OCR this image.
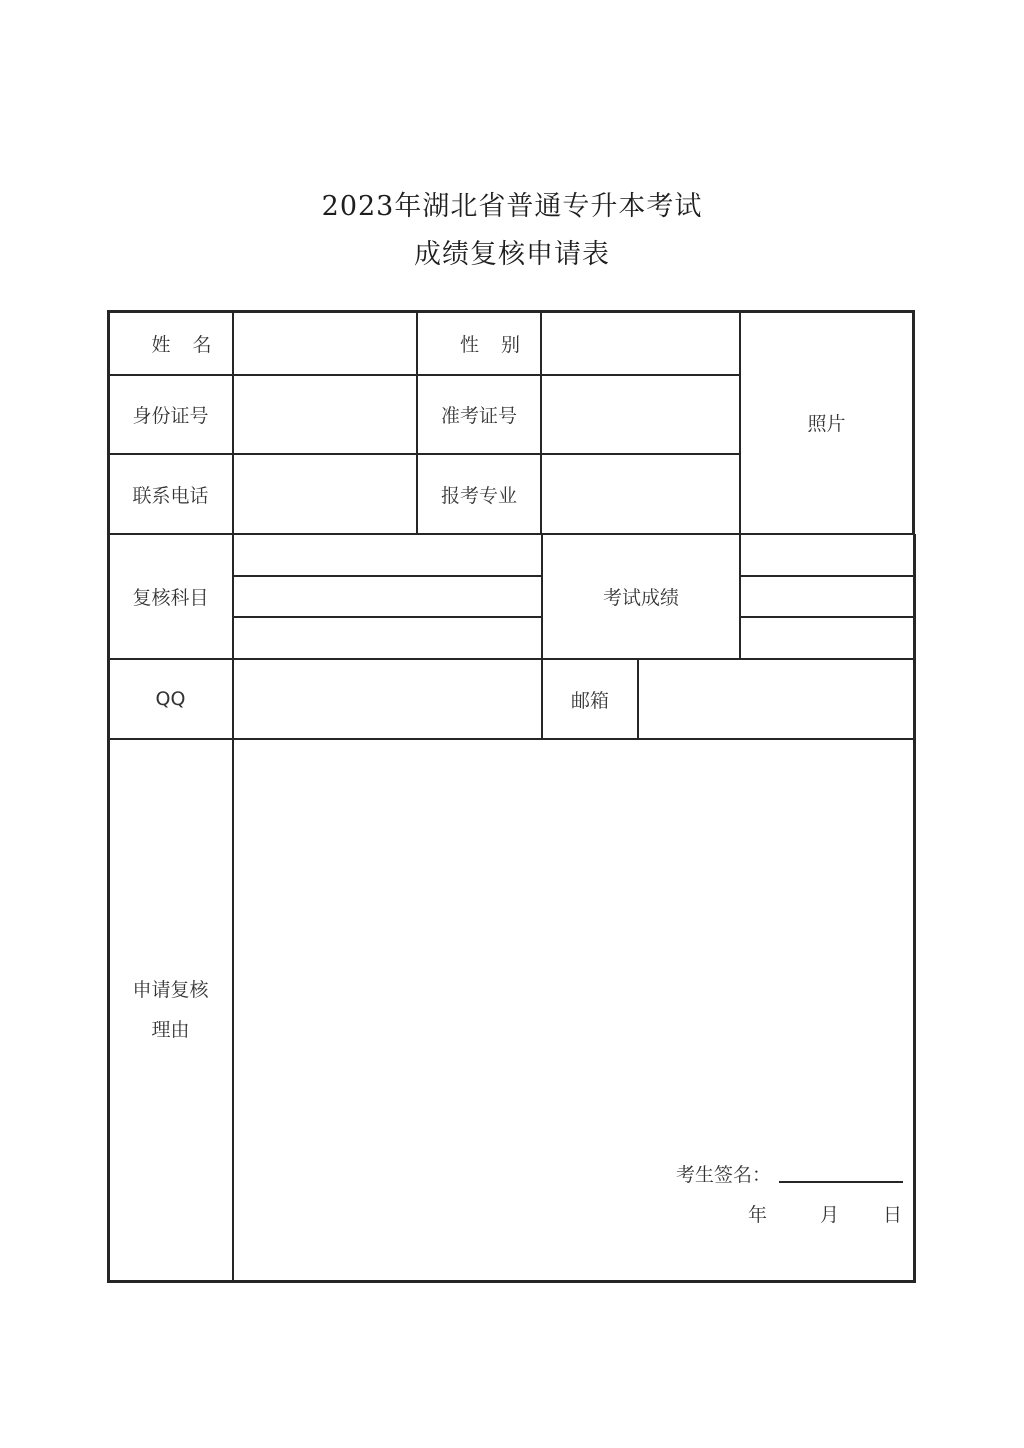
2023年湖北省普通专升本考试
成绩复核申请表
姓名	性别
照片
身份证号	准考证号
联系电话	报考专业
复核科目	考试成绩
QQ	邮箱
申请复核
理由
考生签名：
年	月 日
